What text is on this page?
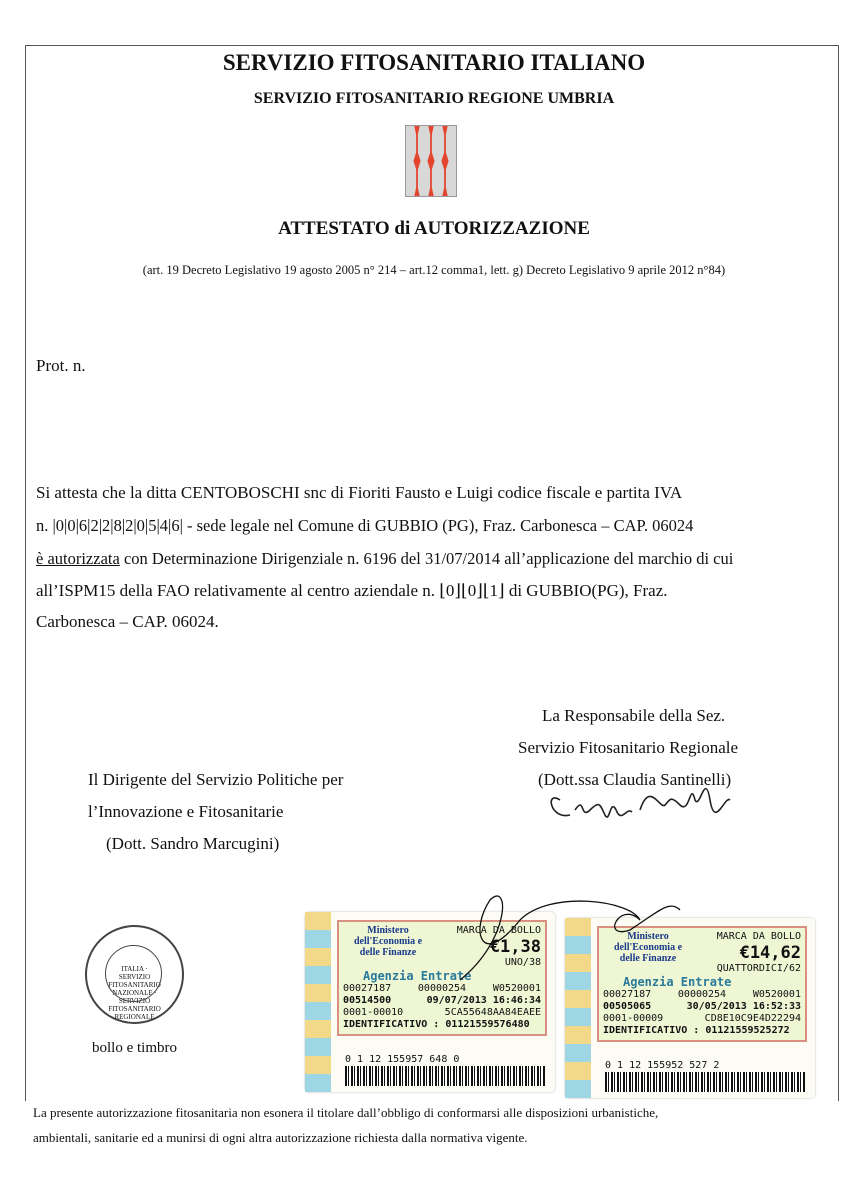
SERVIZIO FITOSANITARIO ITALIANO
SERVIZIO FITOSANITARIO REGIONE UMBRIA
ATTESTATO di AUTORIZZAZIONE
(art. 19 Decreto Legislativo 19 agosto 2005 n° 214 – art.12 comma1, lett. g) Decreto Legislativo 9 aprile 2012 n°84)
Prot. n.
Si attesta che la ditta CENTOBOSCHI snc di Fioriti Fausto e Luigi codice fiscale e partita IVA
n. |0|0|6|2|2|8|2|0|5|4|6| - sede legale nel Comune di GUBBIO (PG), Fraz. Carbonesca – CAP. 06024
è autorizzata con Determinazione Dirigenziale n. 6196 del 31/07/2014 all’applicazione del marchio di cui
all’ISPM15 della FAO relativamente al centro aziendale n. ⌊0⌋⌊0⌋⌊1⌋ di GUBBIO(PG), Fraz.
Carbonesca – CAP. 06024.
La Responsabile della Sez.
Servizio Fitosanitario Regionale
(Dott.ssa Claudia Santinelli)
Il Dirigente del Servizio Politiche per
l’Innovazione e Fitosanitarie
(Dott. Sandro Marcugini)
ITALIA · SERVIZIO FITOSANITARIO NAZIONALE · SERVIZIO FITOSANITARIO REGIONALE
bollo e timbro
Ministero dell'Economia e delle Finanze
MARCA DA BOLLO
€1,38
UNO/38
Agenzia Entrate
00027187	00000254	W0520001
00514500	09/07/2013 16:46:34
0001-00010	5CA55648AA84EAEE
IDENTIFICATIVO : 01121559576480
0 1 12 155957 648 0
Ministero dell'Economia e delle Finanze
MARCA DA BOLLO
€14,62
QUATTORDICI/62
Agenzia Entrate
00027187	00000254	W0520001
00505065	30/05/2013 16:52:33
0001-00009	CD8E10C9E4D22294
IDENTIFICATIVO : 01121559525272
0 1 12 155952 527 2
La presente autorizzazione fitosanitaria non esonera il titolare dall’obbligo di conformarsi alle disposizioni urbanistiche,
ambientali, sanitarie ed a munirsi di ogni altra autorizzazione richiesta dalla normativa vigente.
